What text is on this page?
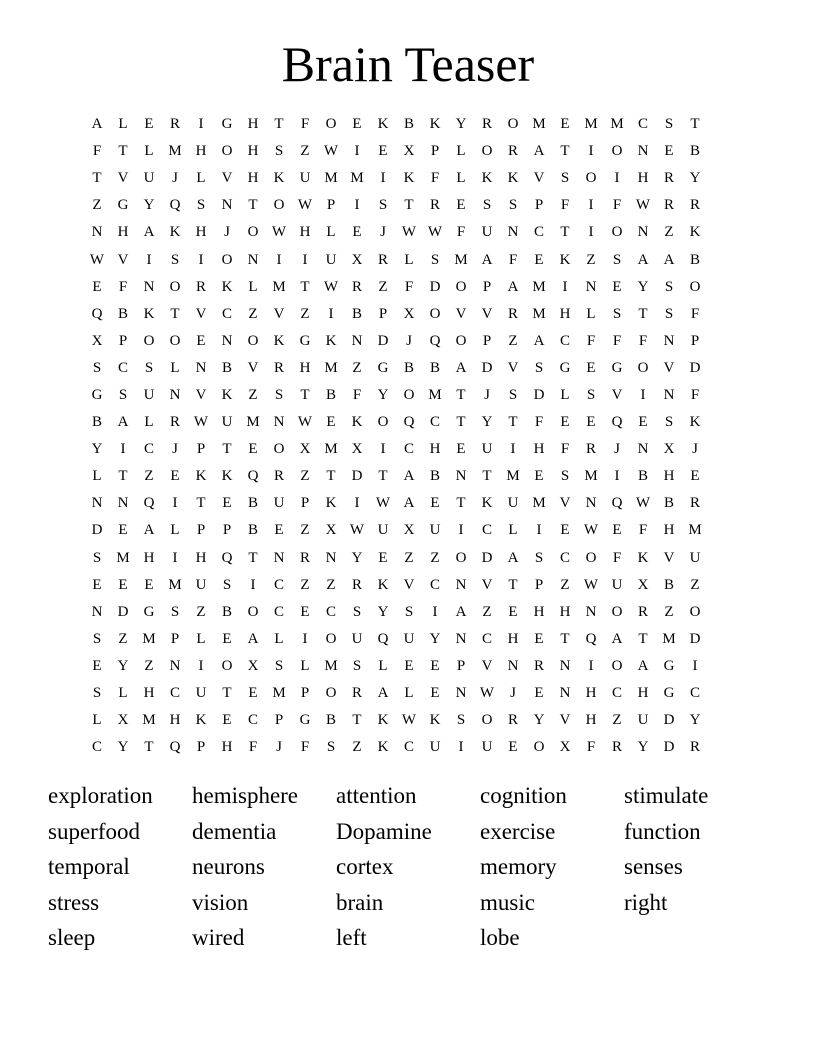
Brain Teaser
A	L	E	R	I	G	H	T	F	O	E	K	B	K	Y	R	O M E M M C	S	T
F	T	L M H	O	H	S	Z W	I	E	X	P	L	O	R	A	T	I	O	N	E	B
T	V	U	J	L	V	H	K	U M M	I	K	F	L	K	K	V	S	O	I	H	R	Y
Z	G	Y	Q	S	N	T	O W P	I	S	T	R	E	S	S	P	F	I	F W R	R
N	H	A	K	H	J	O W H	L	E	J	W W F	U	N	C	T	I	O	N	Z	K
W V	I	S	I	O	N	I	I	U	X	R	L	S	M A	F	E	K	Z	S	A	A	B
E	F	N	O	R	K	L M T W R	Z	F	D	O	P	A M	I	N	E	Y	S	O
Q	B	K	T	V	C	Z	V	Z	I	B	P	X	O	V	V	R M H	L	S	T	S	F
X	P	O	O	E	N	O	K	G	K	N	D	J	Q	O	P	Z	A	C	F	F	F	N	P
S	C	S	L	N	B	V	R	H M Z	G	B	B	A	D	V	S	G	E	G	O	V	D
G	S	U	N	V	K	Z	S	T	B	F	Y	O M T	J	S	D	L	S	V	I	N	F
B	A	L	R W U M N W E	K	O	Q	C	T	Y	T	F	E	E	Q	E	S	K
Y	I	C	J	P	T	E	O	X M X	I	C	H	E	U	I	H	F	R	J	N	X	J
L	T	Z	E	K	K	Q	R	Z	T	D	T	A	B	N	T M E	S	M	I	B	H	E
N	N	Q	I	T	E	B	U	P	K	I	W A	E	T	K	U M V	N	Q W B	R
D	E	A	L	P	P	B	E	Z	X W U	X	U	I	C	L	I	E W E	F	H M
S	M H	I	H	Q	T	N	R	N	Y	E	Z	Z	O	D	A	S	C	O	F	K	V	U
E	E	E M U	S	I	C	Z	Z	R	K	V	C	N	V	T	P	Z W U	X	B	Z
N	D	G	S	Z	B	O	C	E	C	S	Y	S	I	A	Z	E	H	H	N	O	R	Z	O
S	Z M	P	L	E	A	L	I	O	U	Q	U	Y	N	C	H	E	T	Q	A	T M D
E	Y	Z	N	I	O	X	S	L M	S	L	E	E	P	V	N	R	N	I	O	A	G	I
S	L	H	C	U	T	E M	P	O	R	A	L	E	N W	J	E	N	H	C	H	G	C
L	X M H	K	E	C	P	G	B	T	K W K	S	O	R	Y	V	H	Z	U	D	Y
C	Y	T	Q	P	H	F	J	F	S	Z	K	C	U	I	U	E	O	X	F	R	Y	D	R
exploration	hemisphere	attention	cognition	stimulate
superfood	dementia	Dopamine	exercise	function
temporal	neurons	cortex	memory	senses
stress	vision	brain	music	right
sleep	wired	left	lobe
